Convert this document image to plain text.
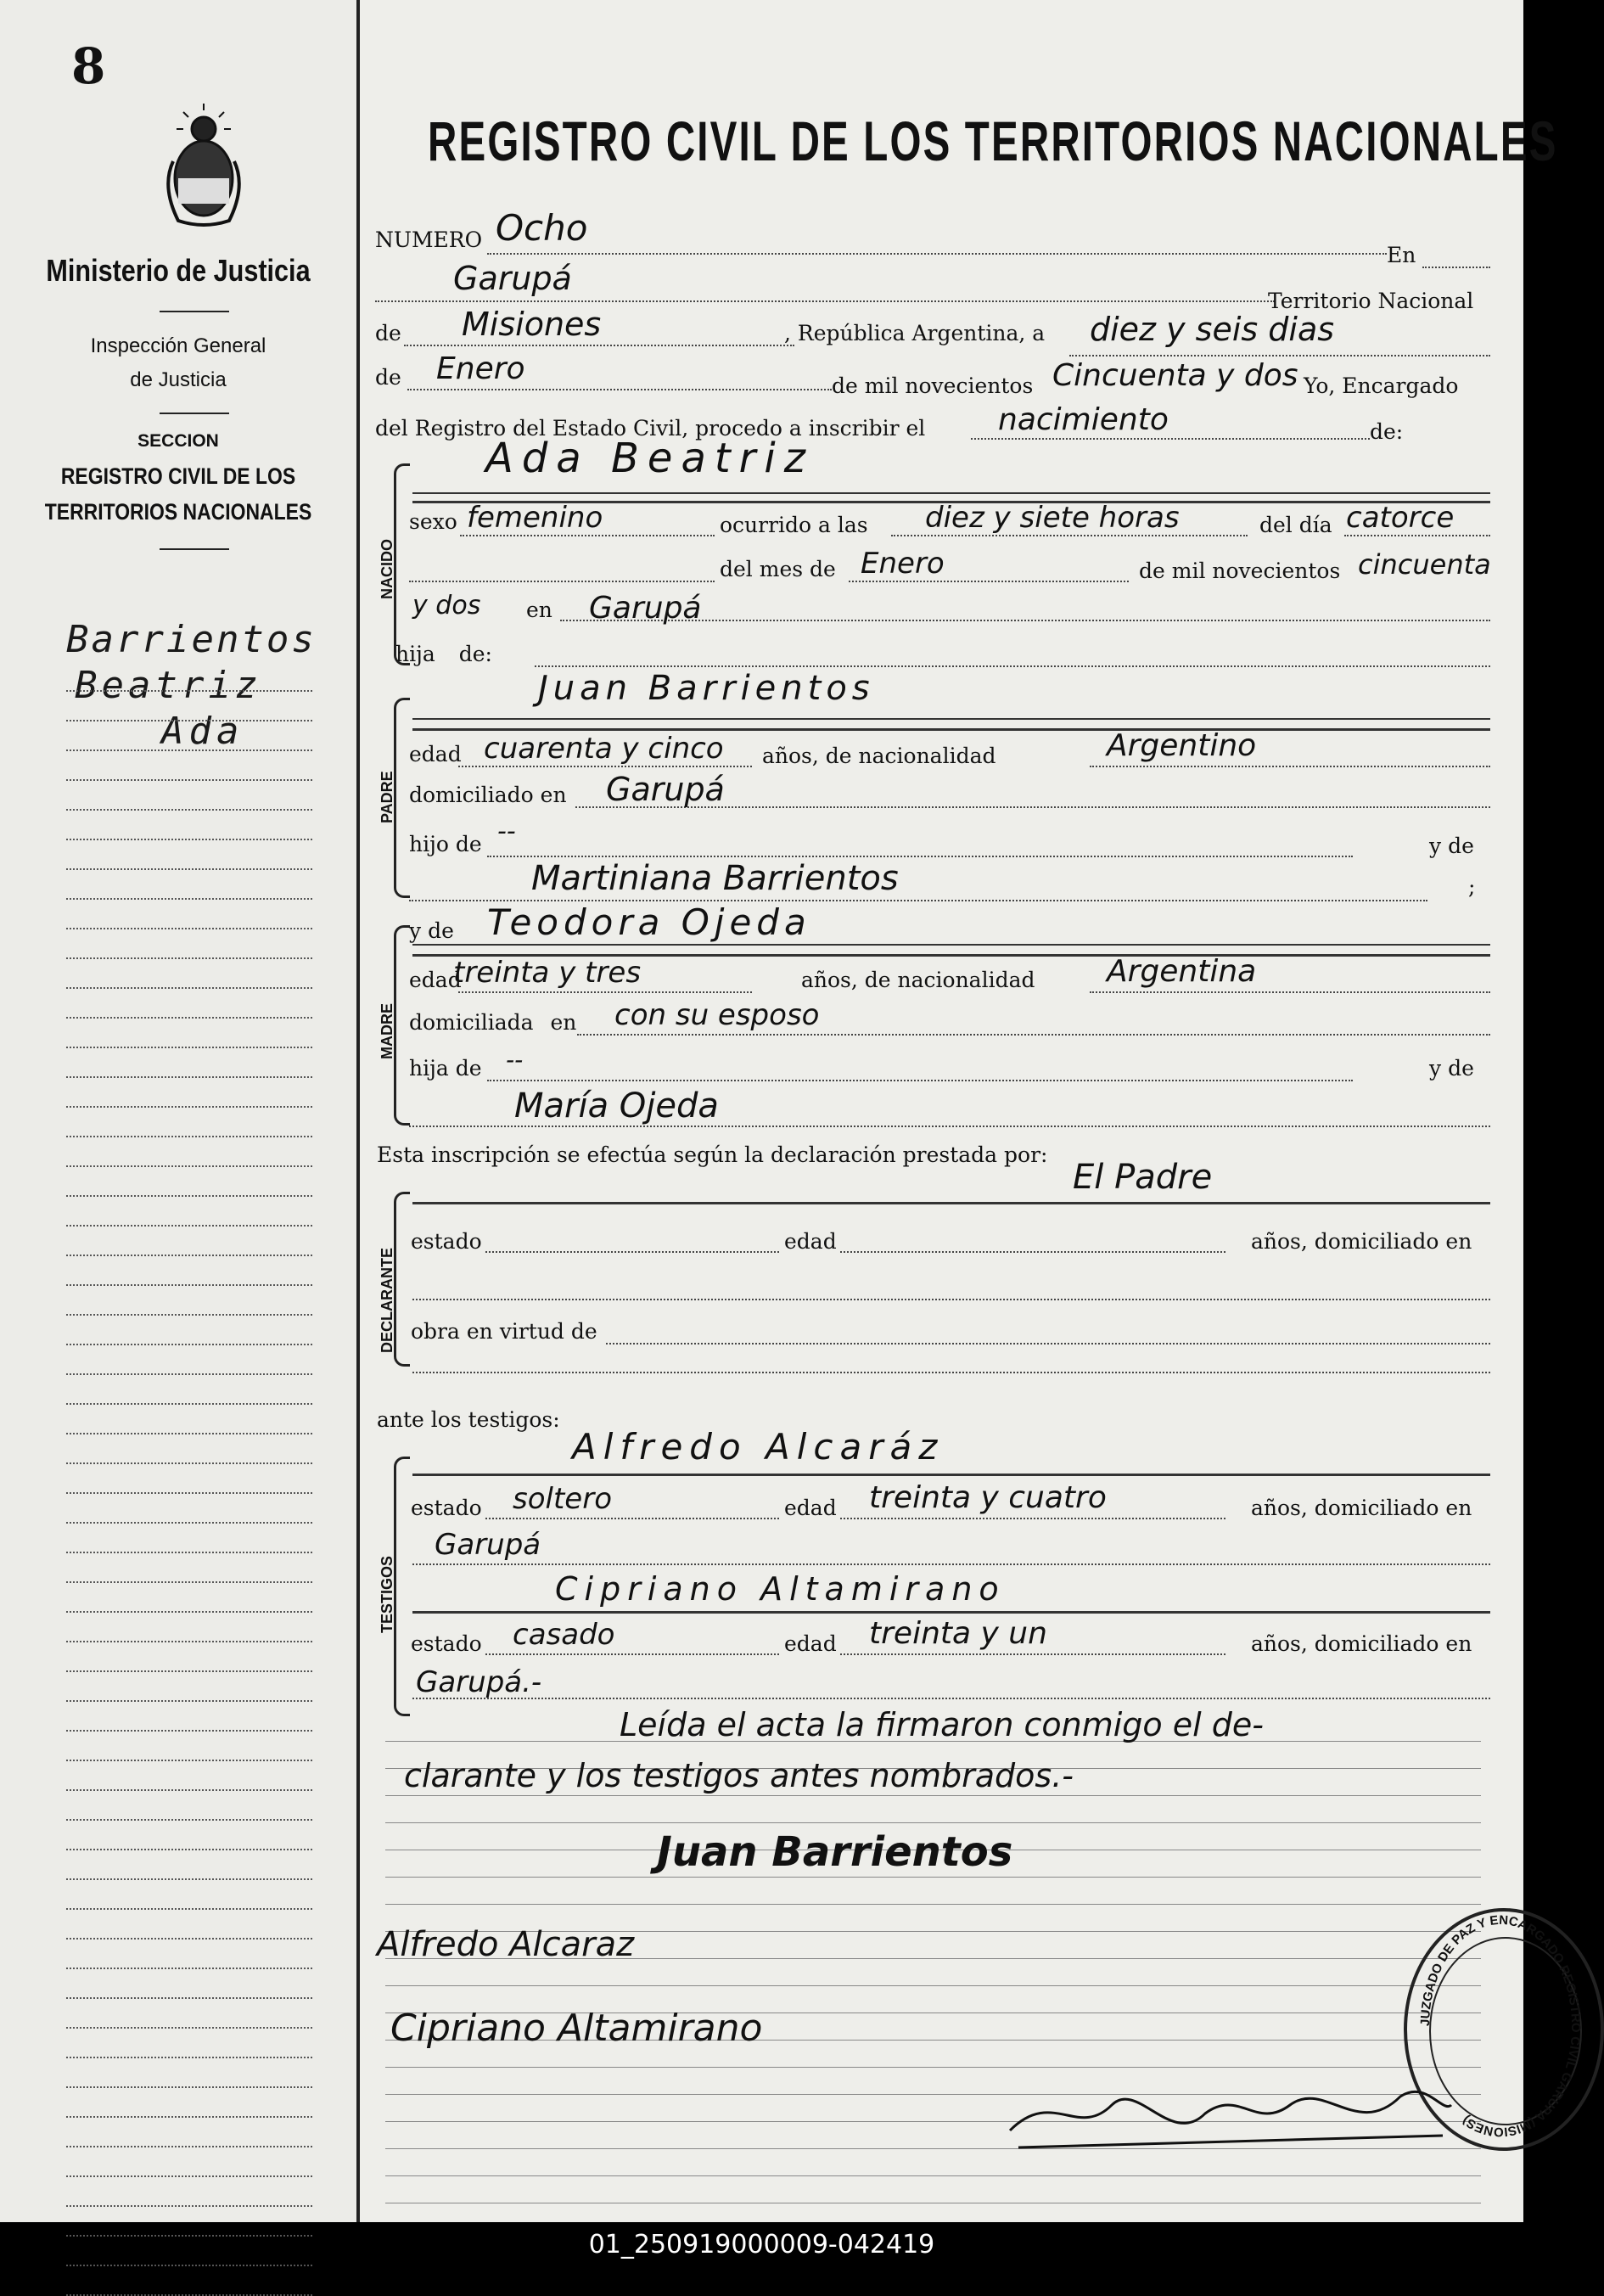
8
Ministerio de Justicia
Inspección General
de Justicia
SECCION
REGISTRO CIVIL DE LOS
TERRITORIOS NACIONALES
Barrientos
Beatriz
Ada
REGISTRO CIVIL DE LOS TERRITORIOS NACIONALES
NUMERO Ocho
En
Garupá
Territorio Nacional
de Misiones	, República Argentina, a diez y seis dias
de Enero	de mil novecientos Cincuenta y dos Yo, Encargado
del Registro del Estado Civil, procedo a inscribir el nacimiento	de:
NACIDO
Ada Beatriz
sexo femenino	ocurrido a las diez y siete horas	del día catorce
del mes de Enero	de mil novecientos cincuenta
y dos en Garupá
hija de:
PADRE
Juan Barrientos
edad cuarenta y cinco años, de nacionalidad	Argentino
domiciliado en Garupá
hijo de --	y de
Martiniana Barrientos	;
MADRE
y de Teodora Ojeda
edad
treinta y tres	años, de nacionalidad Argentina
domiciliada en con su esposo
hija de --	y de
María Ojeda
Esta inscripción se efectúa según la declaración prestada por:
El Padre
DECLARANTE
estado	edad	años, domiciliado en
obra en virtud de
ante los testigos:
Alfredo Alcaráz
TESTIGOS
estado soltero	edad treinta y cuatro	años, domiciliado en
Garupá
Cipriano Altamirano
estado casado	edad treinta y un	años, domiciliado en
Garupá.-
Leída el acta la firmaron conmigo el de-
clarante y los testigos antes nombrados.-
Juan Barrientos
Alfredo Alcaraz
Cipriano Altamirano	JUZGADO DE PAZ Y ENCARGADO REGISTRO CIVIL GARUPA (MISIONES)
01_250919000009-042419
